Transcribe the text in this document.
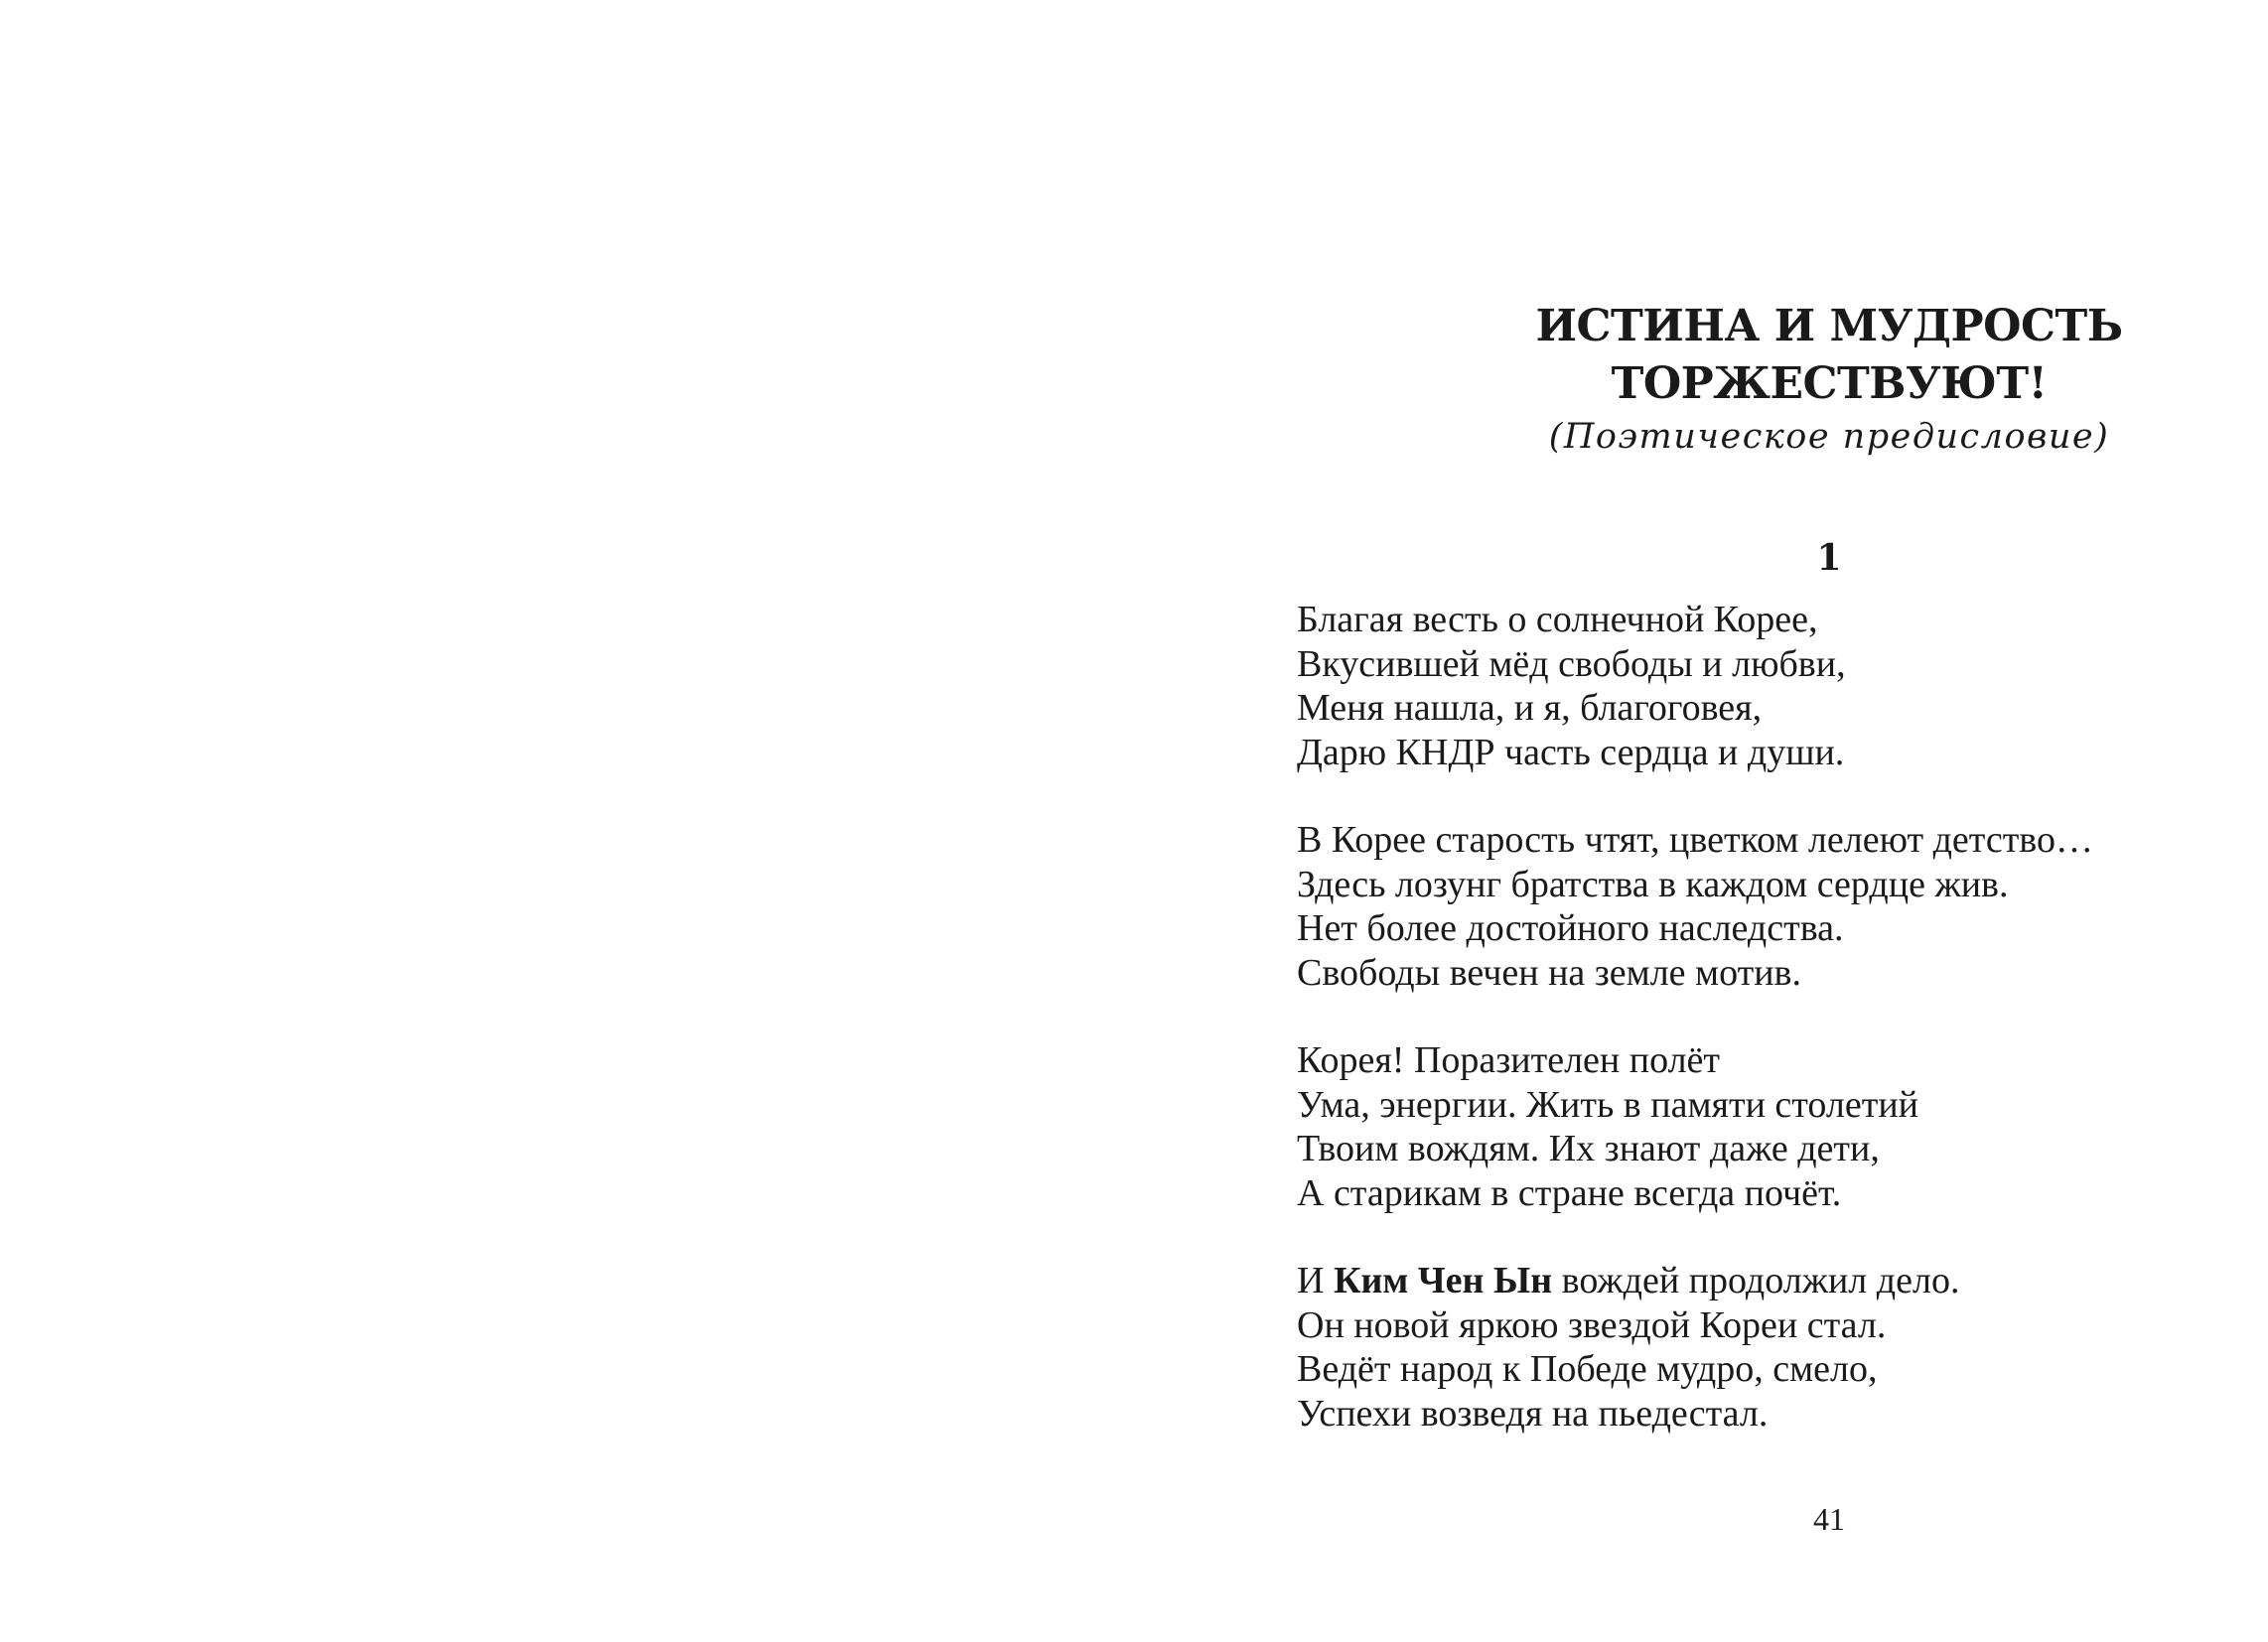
ИСТИНА И МУДРОСТЬ
ТОРЖЕСТВУЮТ!
(Поэтическое предисловие)
1
Благая весть о солнечной Корее,
Вкусившей мёд свободы и любви,
Меня нашла, и я, благоговея,
Дарю КНДР часть сердца и души.
В Корее старость чтят, цветком лелеют детство…
Здесь лозунг братства в каждом сердце жив.
Нет более достойного наследства.
Свободы вечен на земле мотив.
Корея! Поразителен полёт
Ума, энергии. Жить в памяти столетий
Твоим вождям. Их знают даже дети,
А старикам в стране всегда почёт.
И Ким Чен Ын вождей продолжил дело.
Он новой яркою звездой Кореи стал.
Ведёт народ к Победе мудро, смело,
Успехи возведя на пьедестал.
41
